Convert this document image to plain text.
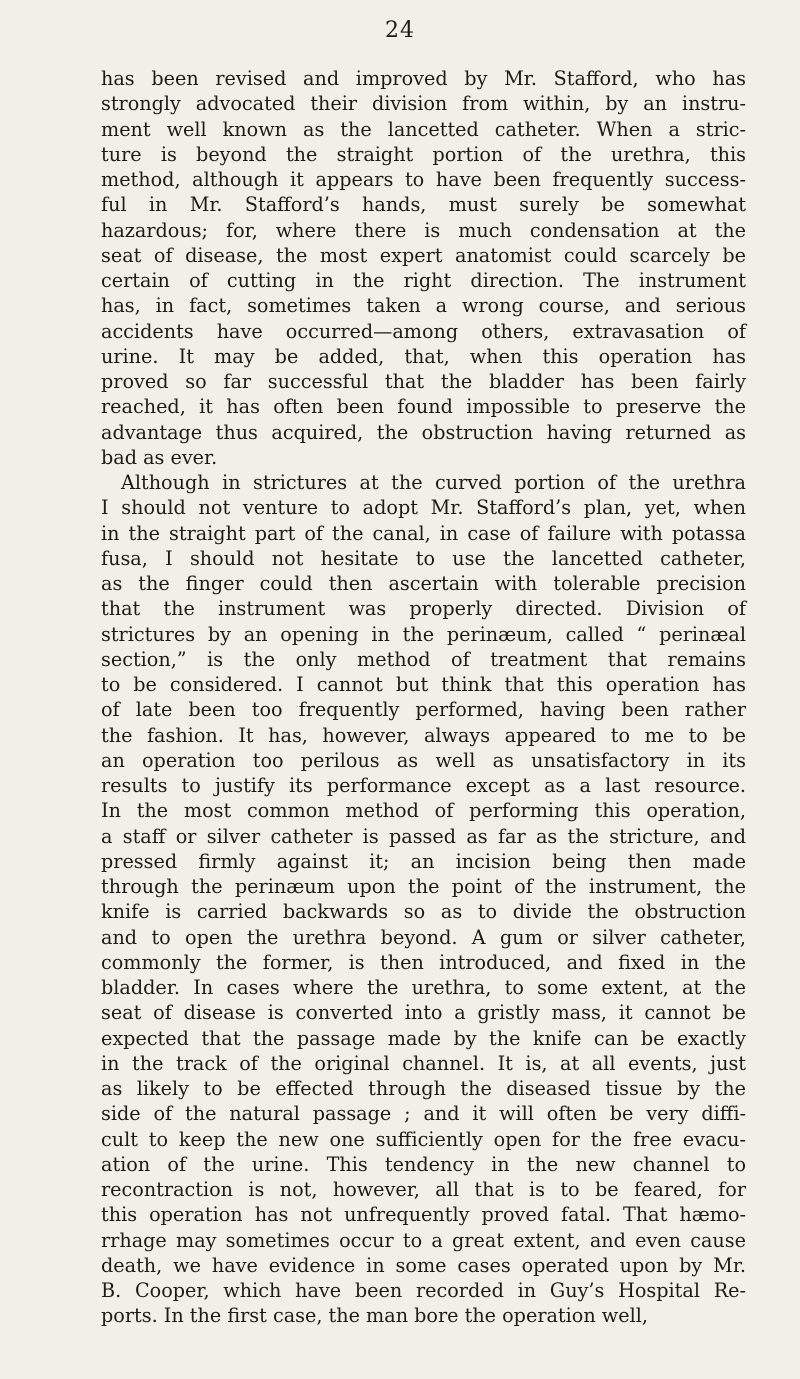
24
has been revised and improved by Mr. Stafford, who has
strongly advocated their division from within, by an instru-
ment well known as the lancetted catheter. When a stric-
ture is beyond the straight portion of the urethra, this
method, although it appears to have been frequently success-
ful in Mr. Stafford’s hands, must surely be somewhat
hazardous; for, where there is much condensation at the
seat of disease, the most expert anatomist could scarcely be
certain of cutting in the right direction. The instrument
has, in fact, sometimes taken a wrong course, and serious
accidents have occurred—among others, extravasation of
urine. It may be added, that, when this operation has
proved so far successful that the bladder has been fairly
reached, it has often been found impossible to preserve the
advantage thus acquired, the obstruction having returned as
bad as ever.
Although in strictures at the curved portion of the urethra
I should not venture to adopt Mr. Stafford’s plan, yet, when
in the straight part of the canal, in case of failure with potassa
fusa, I should not hesitate to use the lancetted catheter,
as the finger could then ascertain with tolerable precision
that the instrument was properly directed. Division of
strictures by an opening in the perinæum, called “ perinæal
section,” is the only method of treatment that remains
to be considered. I cannot but think that this operation has
of late been too frequently performed, having been rather
the fashion. It has, however, always appeared to me to be
an operation too perilous as well as unsatisfactory in its
results to justify its performance except as a last resource.
In the most common method of performing this operation,
a staff or silver catheter is passed as far as the stricture, and
pressed firmly against it; an incision being then made
through the perinæum upon the point of the instrument, the
knife is carried backwards so as to divide the obstruction
and to open the urethra beyond. A gum or silver catheter,
commonly the former, is then introduced, and fixed in the
bladder. In cases where the urethra, to some extent, at the
seat of disease is converted into a gristly mass, it cannot be
expected that the passage made by the knife can be exactly
in the track of the original channel. It is, at all events, just
as likely to be effected through the diseased tissue by the
side of the natural passage ; and it will often be very diffi-
cult to keep the new one sufficiently open for the free evacu-
ation of the urine. This tendency in the new channel to
recontraction is not, however, all that is to be feared, for
this operation has not unfrequently proved fatal. That hæmo-
rrhage may sometimes occur to a great extent, and even cause
death, we have evidence in some cases operated upon by Mr.
B. Cooper, which have been recorded in Guy’s Hospital Re-
ports. In the first case, the man bore the operation well,
